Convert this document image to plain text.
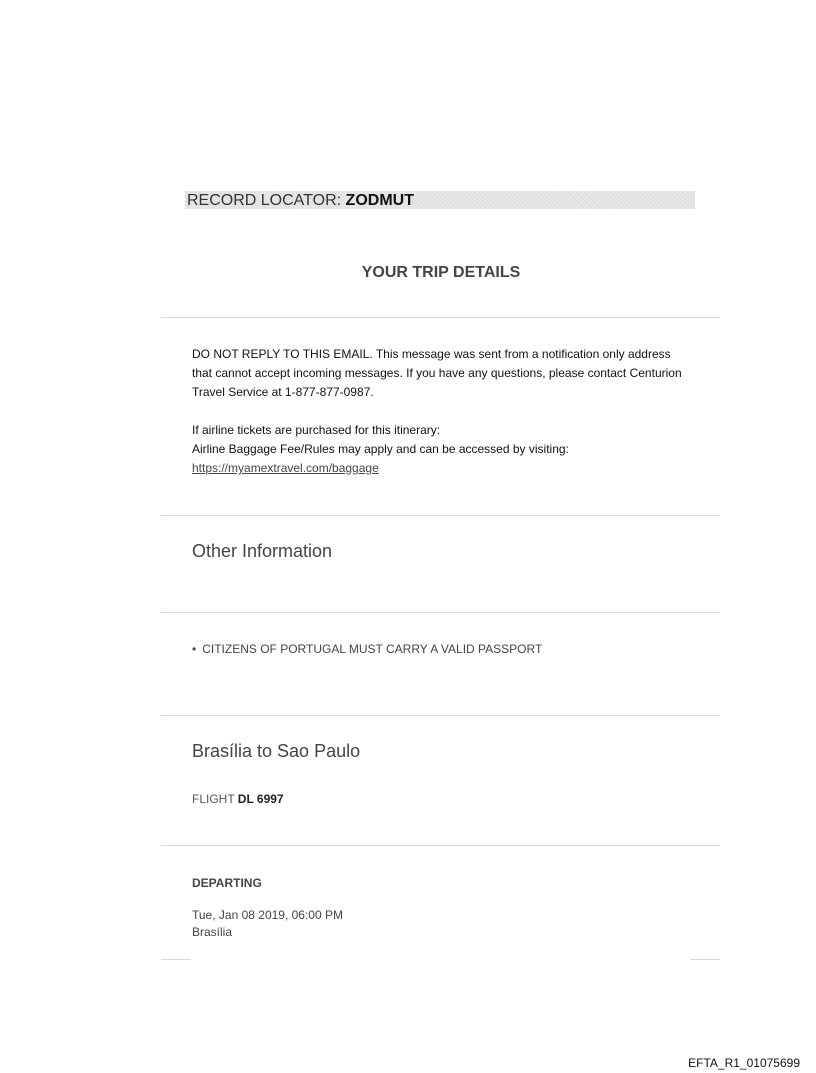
RECORD LOCATOR: ZODMUT
YOUR TRIP DETAILS

DO NOT REPLY TO THIS EMAIL. This message was sent from a notification only address

that cannot accept incoming messages. If you have any questions, please contact Centurion

Travel Service at 1-877-877-0987.

If airline tickets are purchased for this itinerary:

Airline Baggage Fee/Rules may apply and can be accessed by visiting:

https://myamextravel.com/baggage

Other Information
• CITIZENS OF PORTUGAL MUST CARRY A VALID PASSPORT
Brasília to Sao Paulo
FLIGHT DL 6997
DEPARTING
Tue, Jan 08 2019, 06:00 PM
Brasília
EFTA_R1_01075699
